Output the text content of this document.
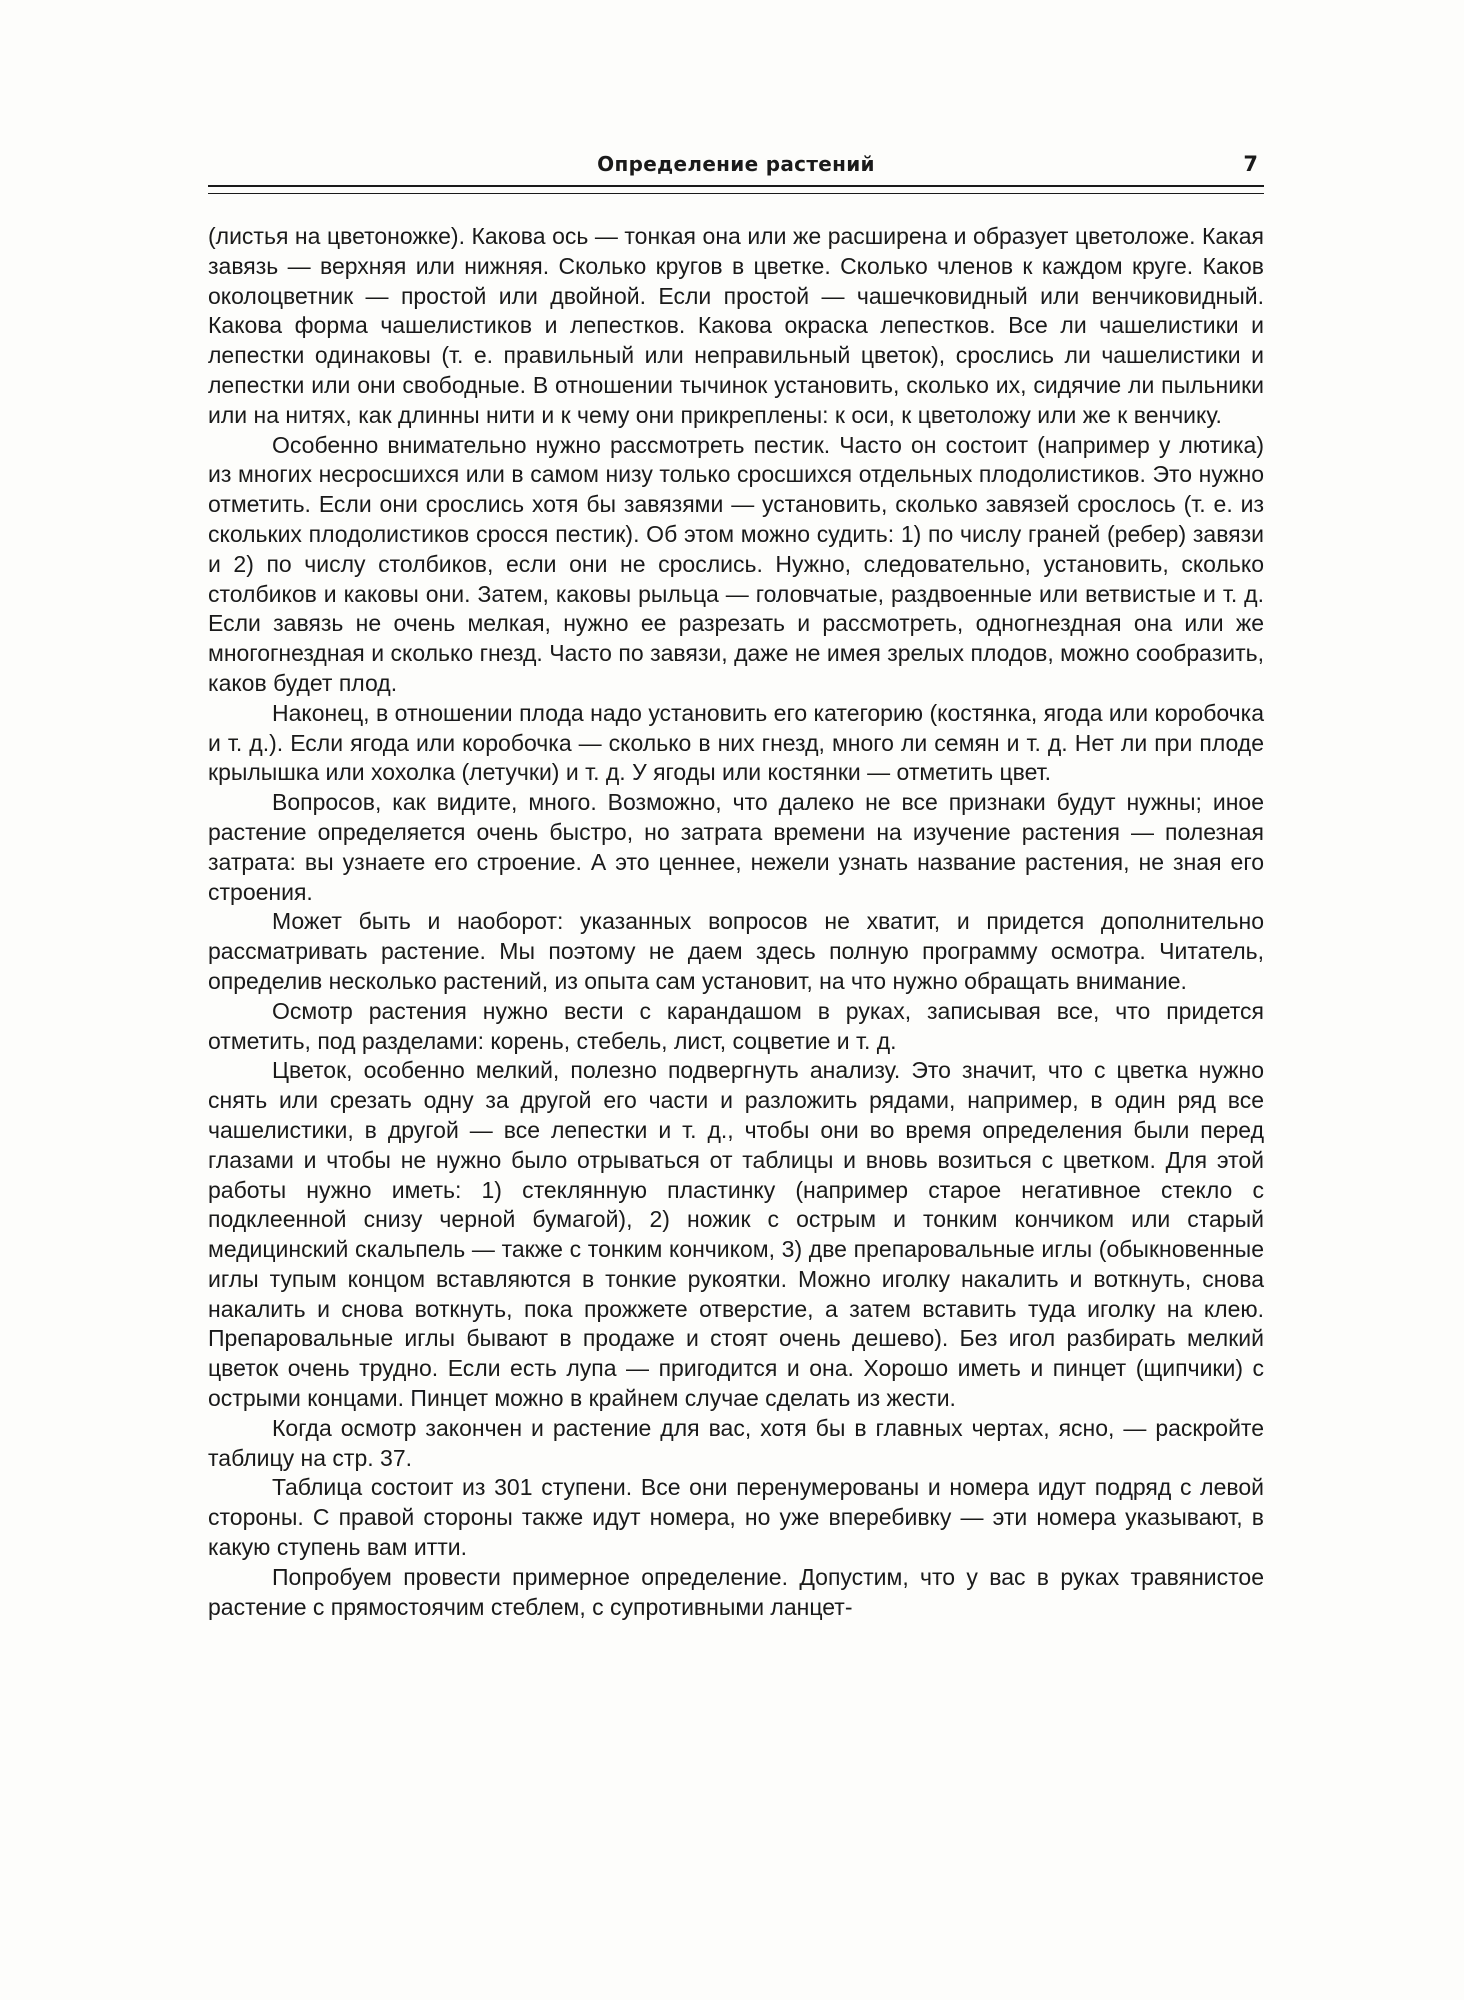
Определение растений	7

(листья на цветоножке). Какова ось — тонкая она или же расширена и образует цветоложе. Какая завязь — верхняя или нижняя. Сколько кругов в цветке. Сколько членов к каждом круге. Каков околоцветник — простой или двойной. Если простой — чашечковидный или венчиковидный. Какова форма чашелистиков и лепестков. Какова окраска лепестков. Все ли чашелистики и лепестки одинаковы (т. е. правильный или неправильный цветок), срослись ли чашелистики и лепестки или они свободные. В отношении тычинок установить, сколько их, сидячие ли пыльники или на нитях, как длинны нити и к чему они прикреплены: к оси, к цветоложу или же к венчику.

Особенно внимательно нужно рассмотреть пестик. Часто он состоит (например у лютика) из многих несросшихся или в самом низу только сросшихся отдельных плодолистиков. Это нужно отметить. Если они срослись хотя бы завязями — установить, сколько завязей срослось (т. е. из скольких плодолистиков сросся пестик). Об этом можно судить: 1) по числу граней (ребер) завязи и 2) по числу столбиков, если они не срослись. Нужно, следовательно, установить, сколько столбиков и каковы они. Затем, каковы рыльца — головчатые, раздвоенные или ветвистые и т. д. Если завязь не очень мелкая, нужно ее разрезать и рассмотреть, одногнездная она или же многогнездная и сколько гнезд. Часто по завязи, даже не имея зрелых плодов, можно сообразить, каков будет плод.

Наконец, в отношении плода надо установить его категорию (костянка, ягода или коробочка и т. д.). Если ягода или коробочка — сколько в них гнезд, много ли семян и т. д. Нет ли при плоде крылышка или хохолка (летучки) и т. д. У ягоды или костянки — отметить цвет.

Вопросов, как видите, много. Возможно, что далеко не все признаки будут нужны; иное растение определяется очень быстро, но затрата времени на изучение растения — полезная затрата: вы узнаете его строение. А это ценнее, нежели узнать название растения, не зная его строения.

Может быть и наоборот: указанных вопросов не хватит, и придется дополнительно рассматривать растение. Мы поэтому не даем здесь полную программу осмотра. Читатель, определив несколько растений, из опыта сам установит, на что нужно обращать внимание.

Осмотр растения нужно вести с карандашом в руках, записывая все, что придется отметить, под разделами: корень, стебель, лист, соцветие и т. д.

Цветок, особенно мелкий, полезно подвергнуть анализу. Это значит, что с цветка нужно снять или срезать одну за другой его части и разложить рядами, например, в один ряд все чашелистики, в другой — все лепестки и т. д., чтобы они во время определения были перед глазами и чтобы не нужно было отрываться от таблицы и вновь возиться с цветком. Для этой работы нужно иметь: 1) стеклянную пластинку (например старое негативное стекло с подклеенной снизу черной бумагой), 2) ножик с острым и тонким кончиком или старый медицинский скальпель — также с тонким кончиком, 3) две препаровальные иглы (обыкновенные иглы тупым концом вставляются в тонкие рукоятки. Можно иголку накалить и воткнуть, снова накалить и снова воткнуть, пока прожжете отверстие, а затем вставить туда иголку на клею. Препаровальные иглы бывают в продаже и стоят очень дешево). Без игол разбирать мелкий цветок очень трудно. Если есть лупа — пригодится и она. Хорошо иметь и пинцет (щипчики) с острыми концами. Пинцет можно в крайнем случае сделать из жести.

Когда осмотр закончен и растение для вас, хотя бы в главных чертах, ясно, — раскройте таблицу на стр. 37.

Таблица состоит из 301 ступени. Все они перенумерованы и номера идут подряд с левой стороны. С правой стороны также идут номера, но уже вперебивку — эти номера указывают, в какую ступень вам итти.

Попробуем провести примерное определение. Допустим, что у вас в руках травянистое растение с прямостоячим стеблем, с супротивными ланцет-
